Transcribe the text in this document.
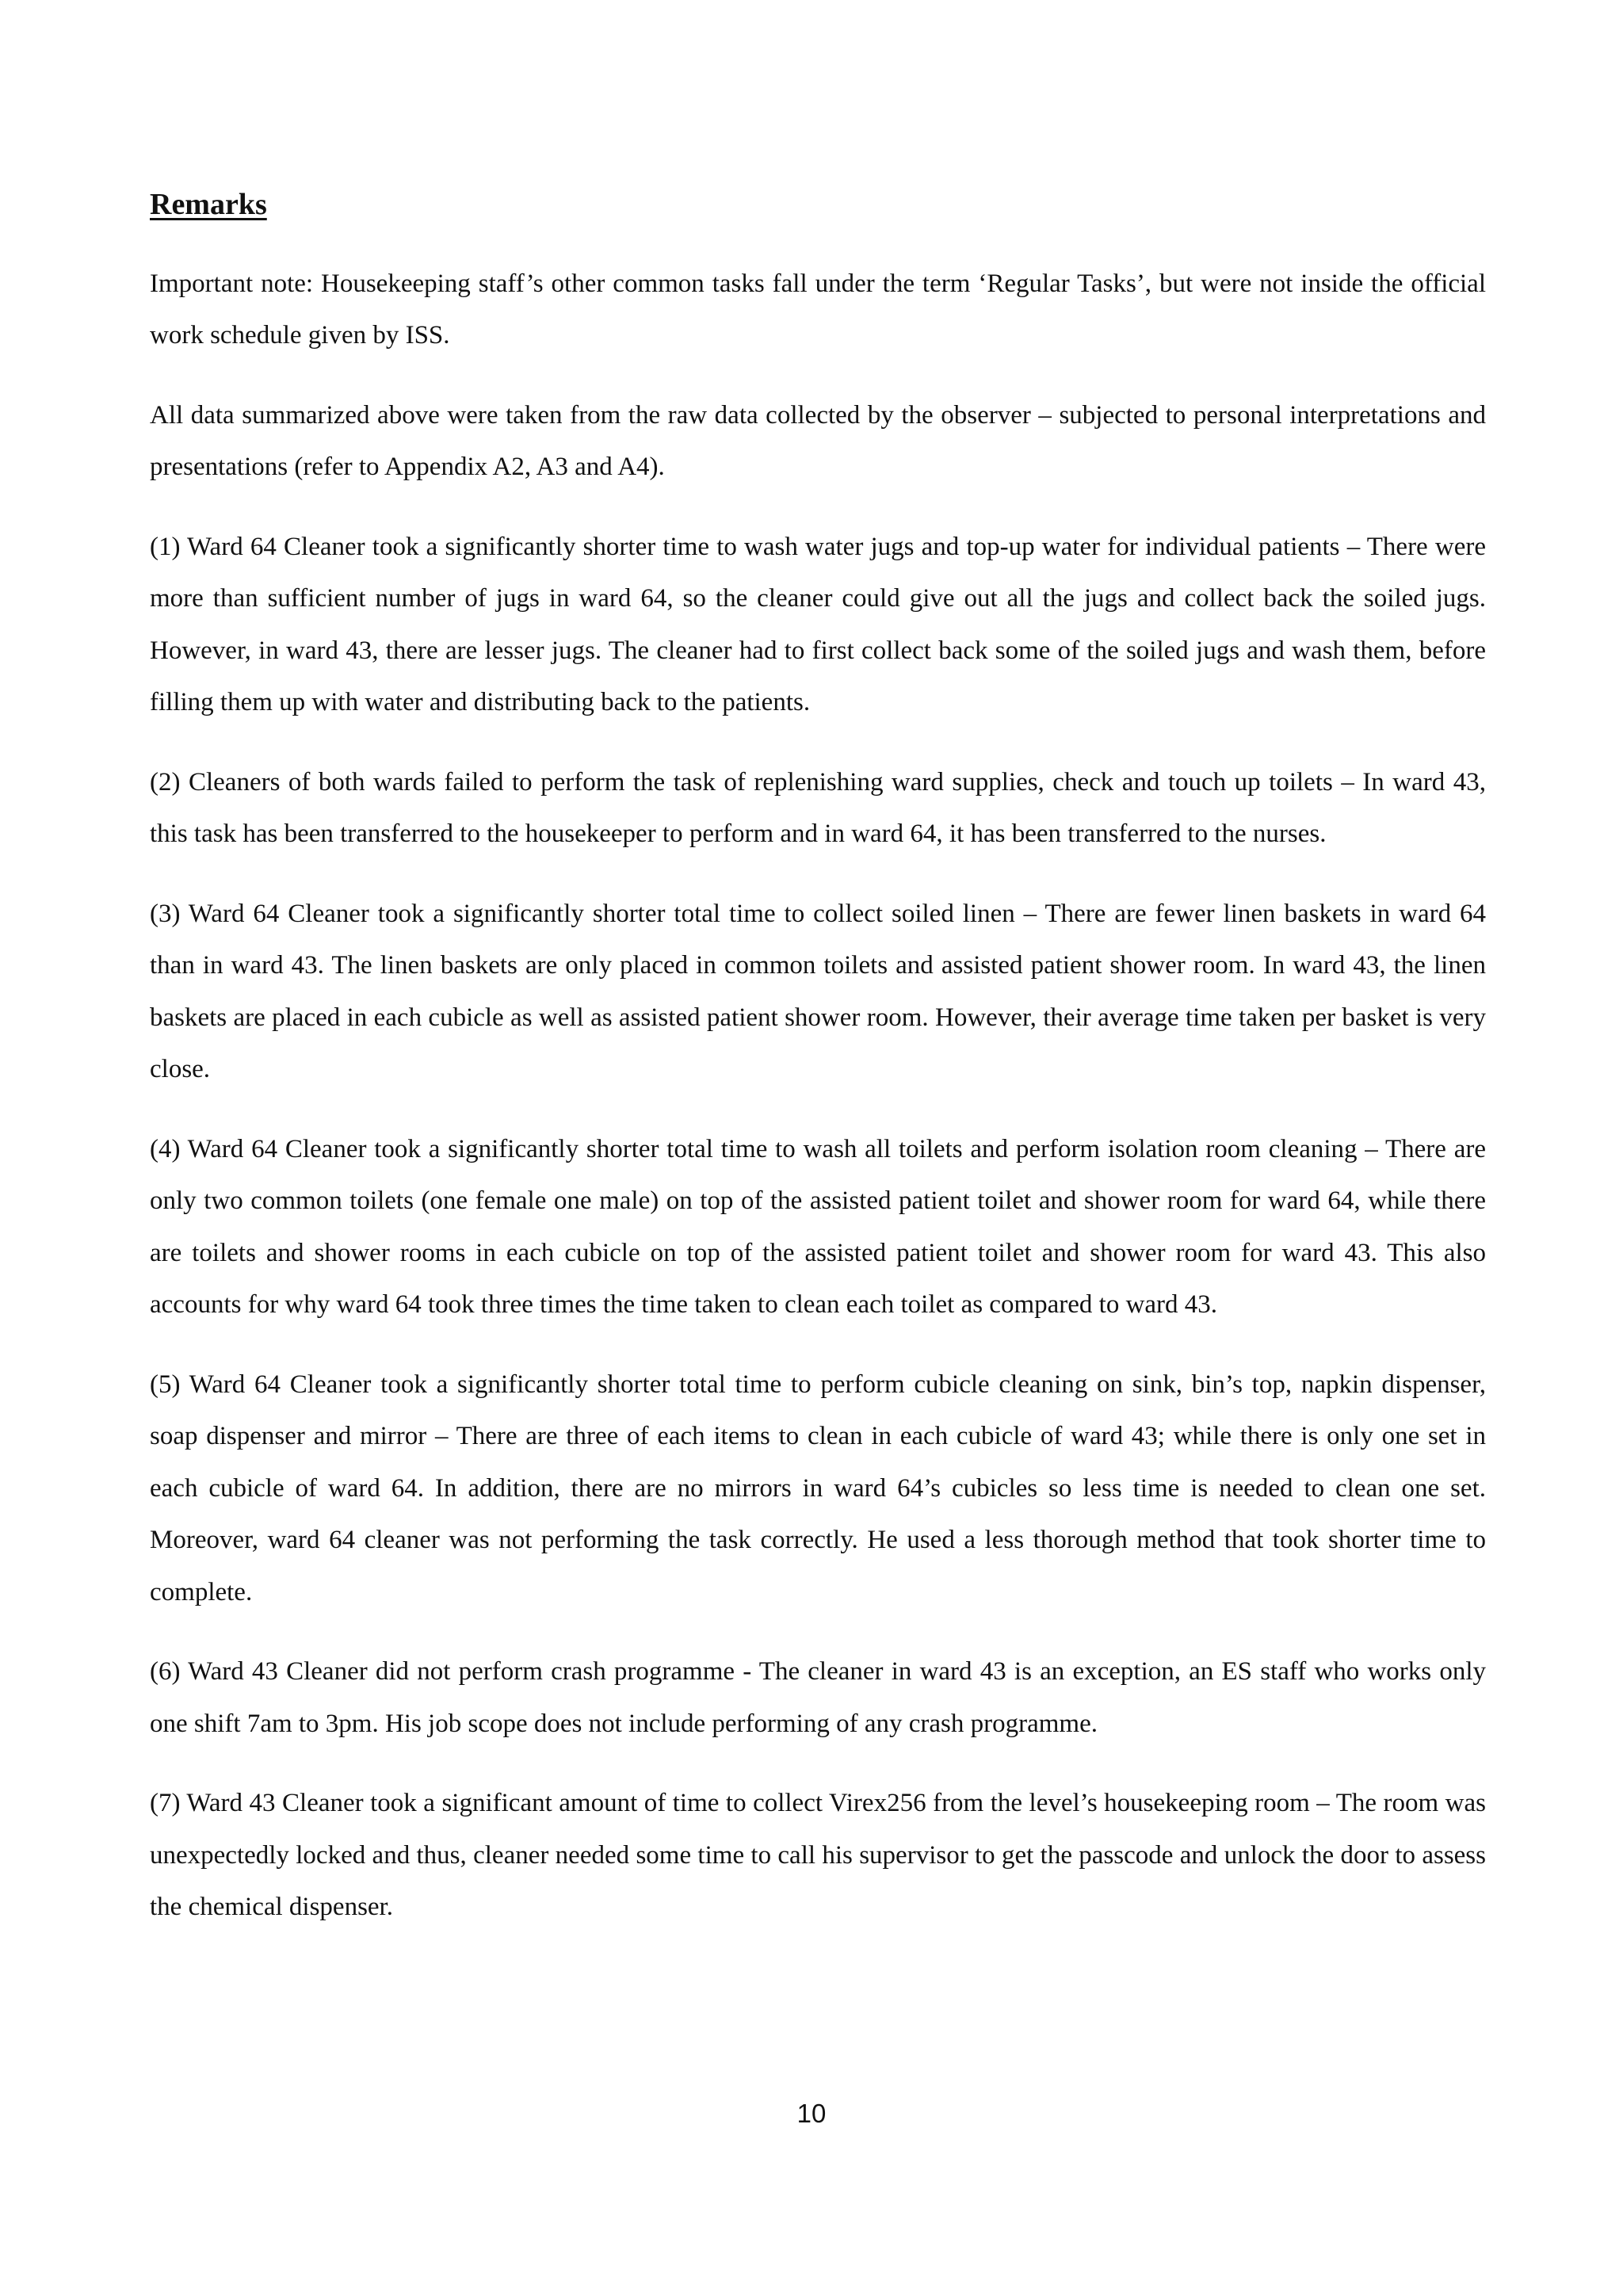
Remarks

Important note: Housekeeping staff’s other common tasks fall under the term ‘Regular Tasks’, but were not inside the official work schedule given by ISS.

All data summarized above were taken from the raw data collected by the observer – subjected to personal interpretations and presentations (refer to Appendix A2, A3 and A4).

(1) Ward 64 Cleaner took a significantly shorter time to wash water jugs and top-up water for individual patients – There were more than sufficient number of jugs in ward 64, so the cleaner could give out all the jugs and collect back the soiled jugs. However, in ward 43, there are lesser jugs. The cleaner had to first collect back some of the soiled jugs and wash them, before filling them up with water and distributing back to the patients.

(2) Cleaners of both wards failed to perform the task of replenishing ward supplies, check and touch up toilets – In ward 43, this task has been transferred to the housekeeper to perform and in ward 64, it has been transferred to the nurses.

(3) Ward 64 Cleaner took a significantly shorter total time to collect soiled linen – There are fewer linen baskets in ward 64 than in ward 43. The linen baskets are only placed in common toilets and assisted patient shower room. In ward 43, the linen baskets are placed in each cubicle as well as assisted patient shower room. However, their average time taken per basket is very close.

(4) Ward 64 Cleaner took a significantly shorter total time to wash all toilets and perform isolation room cleaning – There are only two common toilets (one female one male) on top of the assisted patient toilet and shower room for ward 64, while there are toilets and shower rooms in each cubicle on top of the assisted patient toilet and shower room for ward 43. This also accounts for why ward 64 took three times the time taken to clean each toilet as compared to ward 43.

(5) Ward 64 Cleaner took a significantly shorter total time to perform cubicle cleaning on sink, bin’s top, napkin dispenser, soap dispenser and mirror – There are three of each items to clean in each cubicle of ward 43; while there is only one set in each cubicle of ward 64. In addition, there are no mirrors in ward 64’s cubicles so less time is needed to clean one set. Moreover, ward 64 cleaner was not performing the task correctly. He used a less thorough method that took shorter time to complete.

(6) Ward 43 Cleaner did not perform crash programme - The cleaner in ward 43 is an exception, an ES staff who works only one shift 7am to 3pm. His job scope does not include performing of any crash programme.

(7) Ward 43 Cleaner took a significant amount of time to collect Virex256 from the level’s housekeeping room – The room was unexpectedly locked and thus, cleaner needed some time to call his supervisor to get the passcode and unlock the door to assess the chemical dispenser.

10
